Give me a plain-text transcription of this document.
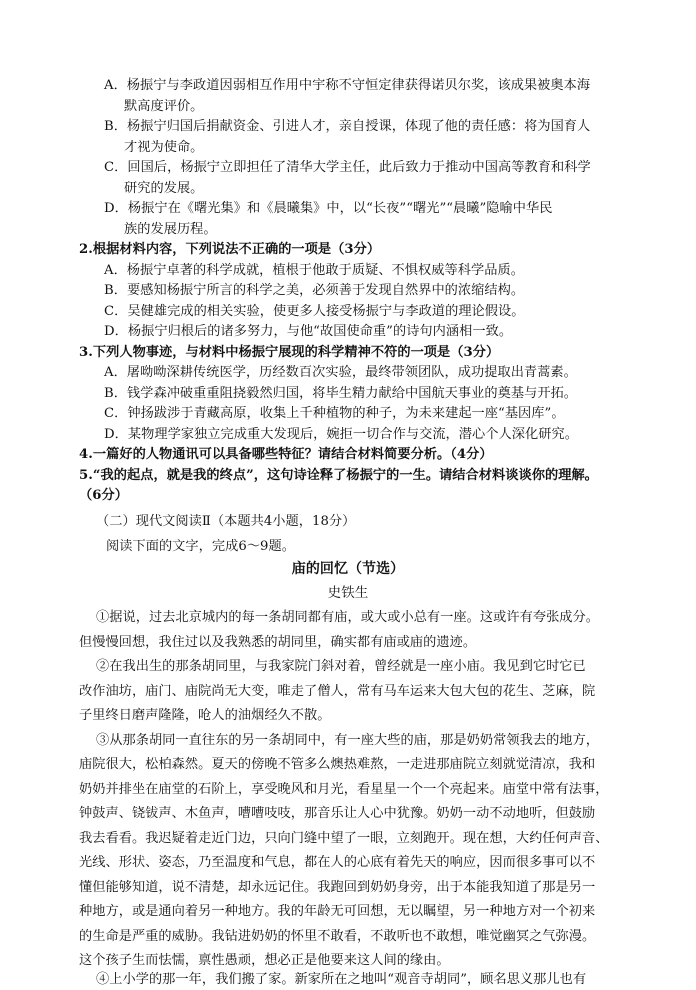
A．杨振宁与李政道因弱相互作用中宇称不守恒定律获得诺贝尔奖，该成果被奥本海
默高度评价。
B．杨振宁归国后捐献资金、引进人才，亲自授课，体现了他的责任感：将为国育人
才视为使命。
C．回国后，杨振宁立即担任了清华大学主任，此后致力于推动中国高等教育和科学
研究的发展。
D．杨振宁在《曙光集》和《晨曦集》中，以“长夜”“曙光”“晨曦”隐喻中华民
族的发展历程。
2.根据材料内容，下列说法不正确的一项是（3分）
A．杨振宁卓著的科学成就，植根于他敢于质疑、不惧权威等科学品质。
B．要感知杨振宁所言的科学之美，必须善于发现自然界中的浓缩结构。
C．吴健雄完成的相关实验，使更多人接受杨振宁与李政道的理论假设。
D．杨振宁归根后的诸多努力，与他“故国使命重”的诗句内涵相一致。
3.下列人物事迹，与材料中杨振宁展现的科学精神不符的一项是（3分）
A．屠呦呦深耕传统医学，历经数百次实验，最终带领团队，成功提取出青蒿素。
B．钱学森冲破重重阻挠毅然归国，将毕生精力献给中国航天事业的奠基与开拓。
C．钟扬跋涉于青藏高原，收集上千种植物的种子，为未来建起一座“基因库”。
D．某物理学家独立完成重大发现后，婉拒一切合作与交流，潜心个人深化研究。
4.一篇好的人物通讯可以具备哪些特征？请结合材料简要分析。（4分）
5.“我的起点，就是我的终点”，这句诗诠释了杨振宁的一生。请结合材料谈谈你的理解。
（6分）
（二）现代文阅读Ⅱ（本题共4小题，18分）
阅读下面的文字，完成6～9题。
庙的回忆（节选）
史铁生
①据说，过去北京城内的每一条胡同都有庙，或大或小总有一座。这或许有夸张成分。
但慢慢回想，我住过以及我熟悉的胡同里，确实都有庙或庙的遗迹。
②在我出生的那条胡同里，与我家院门斜对着，曾经就是一座小庙。我见到它时它已
改作油坊，庙门、庙院尚无大变，唯走了僧人，常有马车运来大包大包的花生、芝麻，院
子里终日磨声隆隆，呛人的油烟经久不散。
③从那条胡同一直往东的另一条胡同中，有一座大些的庙，那是奶奶常领我去的地方，
庙院很大，松柏森然。夏天的傍晚不管多么燠热难熬，一走进那庙院立刻就觉清凉，我和
奶奶并排坐在庙堂的石阶上，享受晚风和月光，看星星一个一个亮起来。庙堂中常有法事，
钟鼓声、铙钹声、木鱼声，嘈嘈吱吱，那音乐让人心中犹豫。奶奶一动不动地听，但鼓励
我去看看。我迟疑着走近门边，只向门缝中望了一眼，立刻跑开。现在想，大约任何声音、
光线、形状、姿态，乃至温度和气息，都在人的心底有着先天的响应，因而很多事可以不
懂但能够知道，说不清楚，却永远记住。我跑回到奶奶身旁，出于本能我知道了那是另一
种地方，或是通向着另一种地方。我的年龄无可回想，无以瞩望，另一种地方对一个初来
的生命是严重的威胁。我钻进奶奶的怀里不敢看，不敢听也不敢想，唯觉幽冥之气弥漫。
这个孩子生而怯懦，禀性愚顽，想必正是他要来这人间的缘由。
④上小学的那一年，我们搬了家。新家所在之地叫“观音寺胡同”，顾名思义那儿也有
